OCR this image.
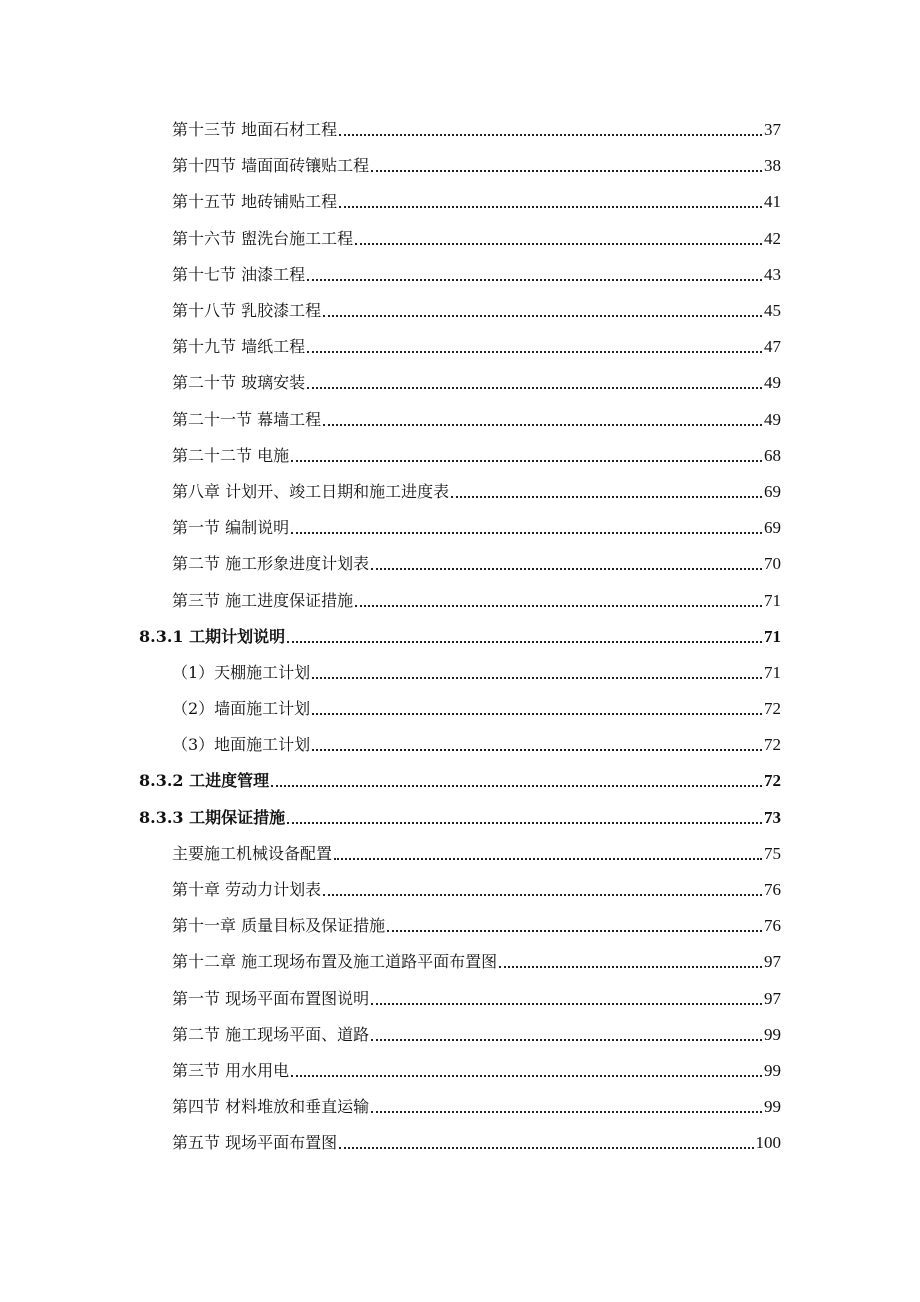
第十三节 地面石材工程	37
第十四节 墙面面砖镶贴工程	38
第十五节 地砖铺贴工程	41
第十六节 盥洗台施工工程	42
第十七节 油漆工程	43
第十八节 乳胶漆工程	45
第十九节 墙纸工程	47
第二十节 玻璃安装	49
第二十一节 幕墙工程	49
第二十二节 电施	68
第八章 计划开、竣工日期和施工进度表	69
第一节 编制说明	69
第二节 施工形象进度计划表	70
第三节 施工进度保证措施	71
8.3.1 工期计划说明	71
（1）天棚施工计划	71
（2）墙面施工计划	72
（3）地面施工计划	72
8.3.2 工进度管理	72
8.3.3 工期保证措施	73
主要施工机械设备配置	75
第十章 劳动力计划表	76
第十一章 质量目标及保证措施	76
第十二章 施工现场布置及施工道路平面布置图	97
第一节 现场平面布置图说明	97
第二节 施工现场平面、道路	99
第三节 用水用电	99
第四节 材料堆放和垂直运输	99
第五节 现场平面布置图	100
